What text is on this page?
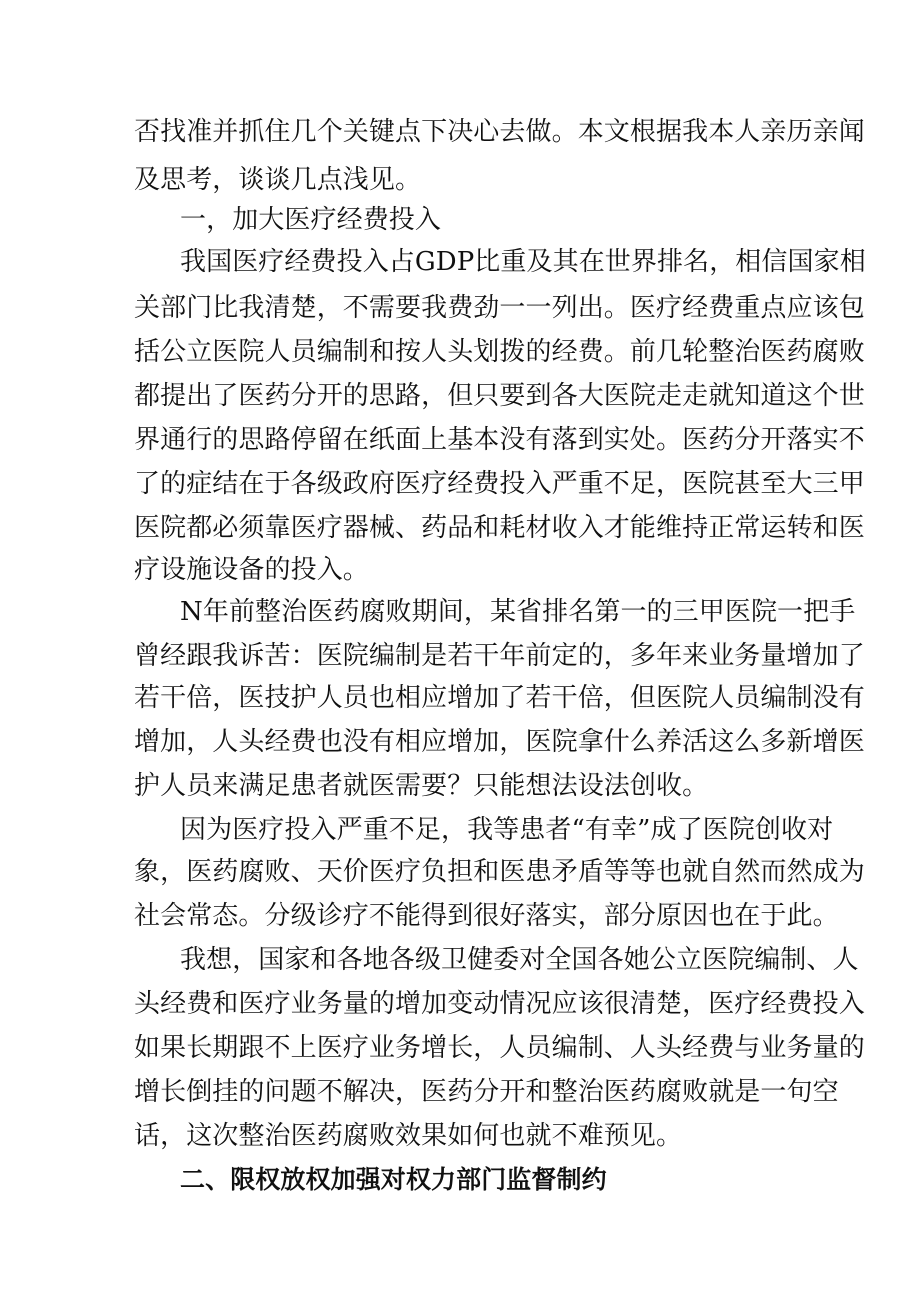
否找准并抓住几个关键点下决心去做。本文根据我本人亲历亲闻
及思考，谈谈几点浅见。
一，加大医疗经费投入
我国医疗经费投入占GDP比重及其在世界排名，相信国家相
关部门比我清楚，不需要我费劲一一列出。医疗经费重点应该包
括公立医院人员编制和按人头划拨的经费。前几轮整治医药腐败
都提出了医药分开的思路，但只要到各大医院走走就知道这个世
界通行的思路停留在纸面上基本没有落到实处。医药分开落实不
了的症结在于各级政府医疗经费投入严重不足，医院甚至大三甲
医院都必须靠医疗器械、药品和耗材收入才能维持正常运转和医
疗设施设备的投入。
N年前整治医药腐败期间，某省排名第一的三甲医院一把手
曾经跟我诉苦：医院编制是若干年前定的，多年来业务量增加了
若干倍，医技护人员也相应增加了若干倍，但医院人员编制没有
增加，人头经费也没有相应增加，医院拿什么养活这么多新增医
护人员来满足患者就医需要？只能想法设法创收。
因为医疗投入严重不足，我等患者“有幸”成了医院创收对
象，医药腐败、天价医疗负担和医患矛盾等等也就自然而然成为
社会常态。分级诊疗不能得到很好落实，部分原因也在于此。
我想，国家和各地各级卫健委对全国各她公立医院编制、人
头经费和医疗业务量的增加变动情况应该很清楚，医疗经费投入
如果长期跟不上医疗业务增长，人员编制、人头经费与业务量的
增长倒挂的问题不解决，医药分开和整治医药腐败就是一句空
话，这次整治医药腐败效果如何也就不难预见。
二、限权放权加强对权力部门监督制约
